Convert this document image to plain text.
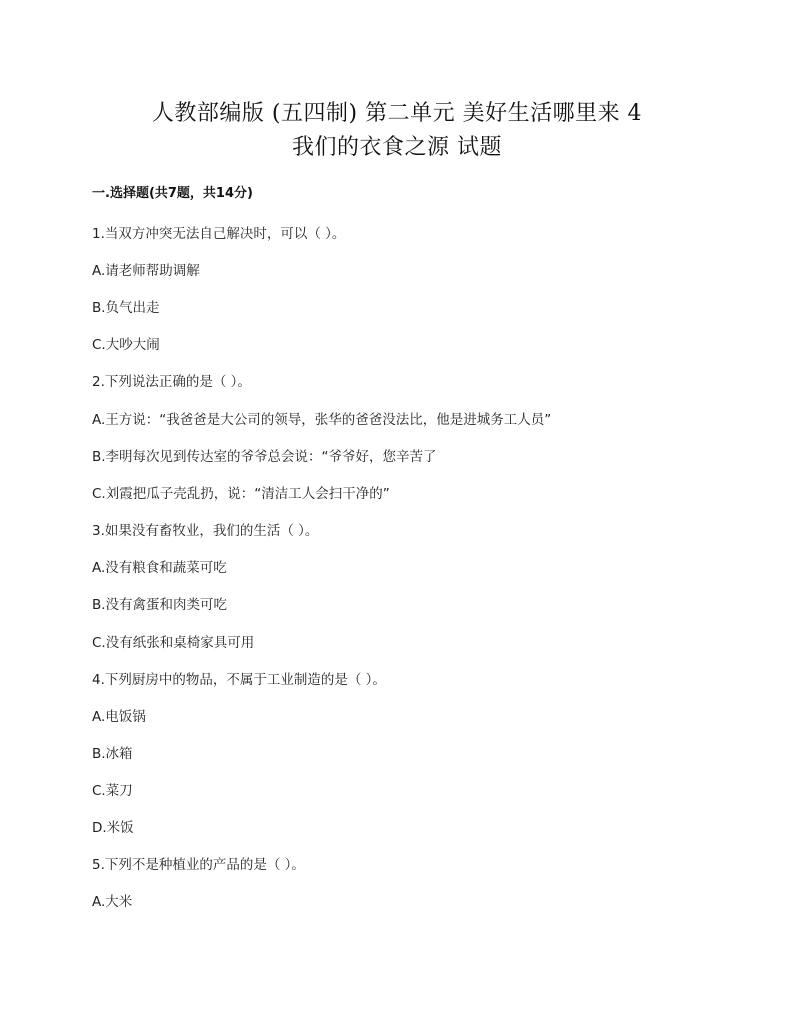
人教部编版 (五四制) 第二单元 美好生活哪里来 4
我们的衣食之源 试题
一.选择题(共7题，共14分)
1.当双方冲突无法自己解决时，可以（ ）。
A.请老师帮助调解
B.负气出走
C.大吵大闹
2.下列说法正确的是（ ）。
A.王方说：“我爸爸是大公司的领导，张华的爸爸没法比，他是进城务工人员”
B.李明每次见到传达室的爷爷总会说：“爷爷好，您辛苦了
C.刘霞把瓜子壳乱扔，说：“清洁工人会扫干净的”
3.如果没有畜牧业，我们的生活（ ）。
A.没有粮食和蔬菜可吃
B.没有禽蛋和肉类可吃
C.没有纸张和桌椅家具可用
4.下列厨房中的物品，不属于工业制造的是（ ）。
A.电饭锅
B.冰箱
C.菜刀
D.米饭
5.下列不是种植业的产品的是（ ）。
A.大米
